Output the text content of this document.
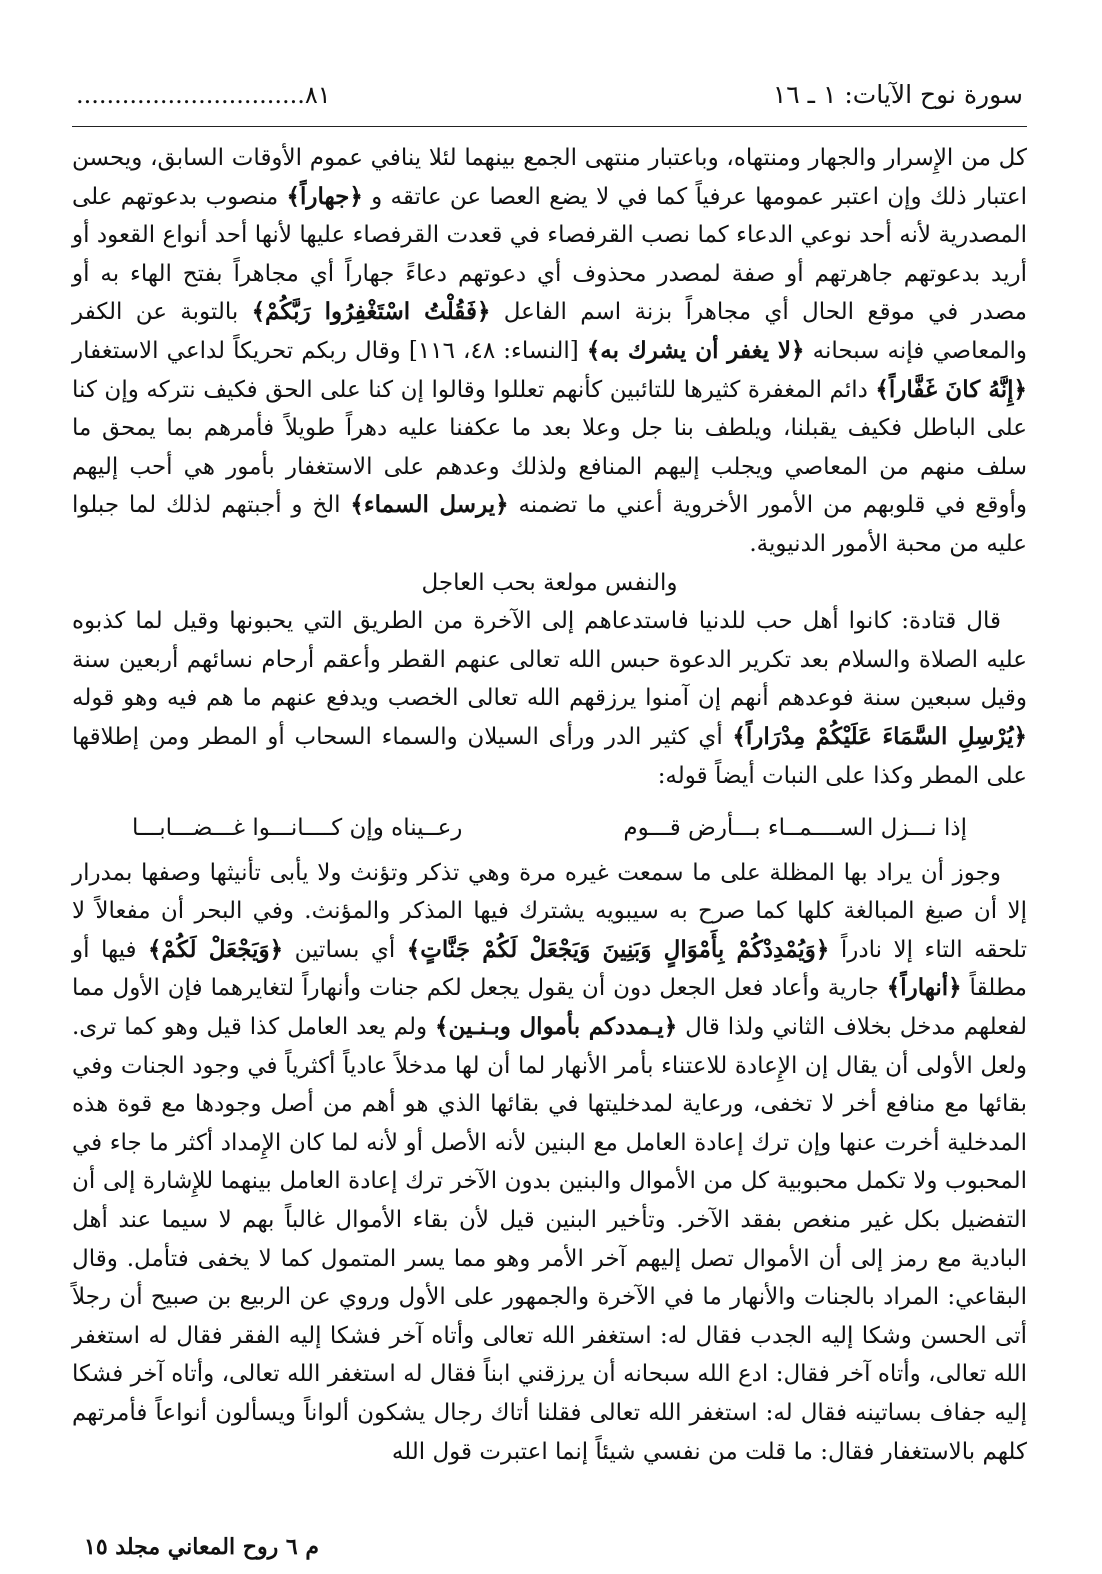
سورة نوح الآيات: ١ ـ ١٦
..............................٨١

كل من الإِسرار والجهار ومنتهاه، وباعتبار منتهى الجمع بينهما لئلا ينافي عموم الأوقات السابق، ويحسن اعتبار ذلك وإن اعتبر عمومها عرفياً كما في لا يضع العصا عن عاتقه و ﴿جهاراً﴾ منصوب بدعوتهم على المصدرية لأنه أحد نوعي الدعاء كما نصب القرفصاء في قعدت القرفصاء عليها لأنها أحد أنواع القعود أو أريد بدعوتهم جاهرتهم أو صفة لمصدر محذوف أي دعوتهم دعاءً جهاراً أي مجاهراً بفتح الهاء به أو مصدر في موقع الحال أي مجاهراً بزنة اسم الفاعل ﴿فَقُلْتُ اسْتَغْفِرُوا رَبَّكُمْ﴾ بالتوبة عن الكفر والمعاصي فإنه سبحانه ﴿لا يغفر أن يشرك به﴾ [النساء: ٤٨، ١١٦] وقال ربكم تحريكاً لداعي الاستغفار ﴿إِنَّهُ كانَ غَفَّاراً﴾ دائم المغفرة كثيرها للتائبين كأنهم تعللوا وقالوا إن كنا على الحق فكيف نتركه وإن كنا على الباطل فكيف يقبلنا، ويلطف بنا جل وعلا بعد ما عكفنا عليه دهراً طويلاً فأمرهم بما يمحق ما سلف منهم من المعاصي ويجلب إليهم المنافع ولذلك وعدهم على الاستغفار بأمور هي أحب إليهم وأوقع في قلوبهم من الأمور الأخروية أعني ما تضمنه ﴿يرسل السماء﴾ الخ و أجبتهم لذلك لما جبلوا عليه من محبة الأمور الدنيوية.

والنفس مولعة بحب العاجل

قال قتادة: كانوا أهل حب للدنيا فاستدعاهم إلى الآخرة من الطريق التي يحبونها وقيل لما كذبوه عليه الصلاة والسلام بعد تكرير الدعوة حبس الله تعالى عنهم القطر وأعقم أرحام نسائهم أربعين سنة وقيل سبعين سنة فوعدهم أنهم إن آمنوا يرزقهم الله تعالى الخصب ويدفع عنهم ما هم فيه وهو قوله ﴿يُرْسِلِ السَّمَاءَ عَلَيْكُمْ مِدْرَاراً﴾ أي كثير الدر ورأى السيلان والسماء السحاب أو المطر ومن إطلاقها على المطر وكذا على النبات أيضاً قوله:

إذا نـــزل الســــمــاء بـــأرض قـــوم
رعــيناه وإن كــــانـــوا غـــضـــابـــا

وجوز أن يراد بها المظلة على ما سمعت غيره مرة وهي تذكر وتؤنث ولا يأبى تأنيثها وصفها بمدرار إلا أن صيغ المبالغة كلها كما صرح به سيبويه يشترك فيها المذكر والمؤنث. وفي البحر أن مفعالاً لا تلحقه التاء إلا نادراً ﴿وَيُمْدِدْكُمْ بِأَمْوَالٍ وَبَنِينَ وَيَجْعَلْ لَكُمْ جَنَّاتٍ﴾ أي بساتين ﴿وَيَجْعَلْ لَكُمْ﴾ فيها أو مطلقاً ﴿أنهاراً﴾ جارية وأعاد فعل الجعل دون أن يقول يجعل لكم جنات وأنهاراً لتغايرهما فإن الأول مما لفعلهم مدخل بخلاف الثاني ولذا قال ﴿يـمددكم بأموال وبـنـين﴾ ولم يعد العامل كذا قيل وهو كما ترى. ولعل الأولى أن يقال إن الإِعادة للاعتناء بأمر الأنهار لما أن لها مدخلاً عادياً أكثرياً في وجود الجنات وفي بقائها مع منافع أخر لا تخفى، ورعاية لمدخليتها في بقائها الذي هو أهم من أصل وجودها مع قوة هذه المدخلية أخرت عنها وإن ترك إعادة العامل مع البنين لأنه الأصل أو لأنه لما كان الإِمداد أكثر ما جاء في المحبوب ولا تكمل محبوبية كل من الأموال والبنين بدون الآخر ترك إعادة العامل بينهما للإِشارة إلى أن التفضيل بكل غير منغص بفقد الآخر. وتأخير البنين قيل لأن بقاء الأموال غالباً بهم لا سيما عند أهل البادية مع رمز إلى أن الأموال تصل إليهم آخر الأمر وهو مما يسر المتمول كما لا يخفى فتأمل. وقال البقاعي: المراد بالجنات والأنهار ما في الآخرة والجمهور على الأول وروي عن الربيع بن صبيح أن رجلاً أتى الحسن وشكا إليه الجدب فقال له: استغفر الله تعالى وأتاه آخر فشكا إليه الفقر فقال له استغفر الله تعالى، وأتاه آخر فقال: ادع الله سبحانه أن يرزقني ابناً فقال له استغفر الله تعالى، وأتاه آخر فشكا إليه جفاف بساتينه فقال له: استغفر الله تعالى فقلنا أتاك رجال يشكون ألواناً ويسألون أنواعاً فأمرتهم كلهم بالاستغفار فقال: ما قلت من نفسي شيئاً إنما اعتبرت قول الله

م ٦ روح المعاني مجلد ١٥
